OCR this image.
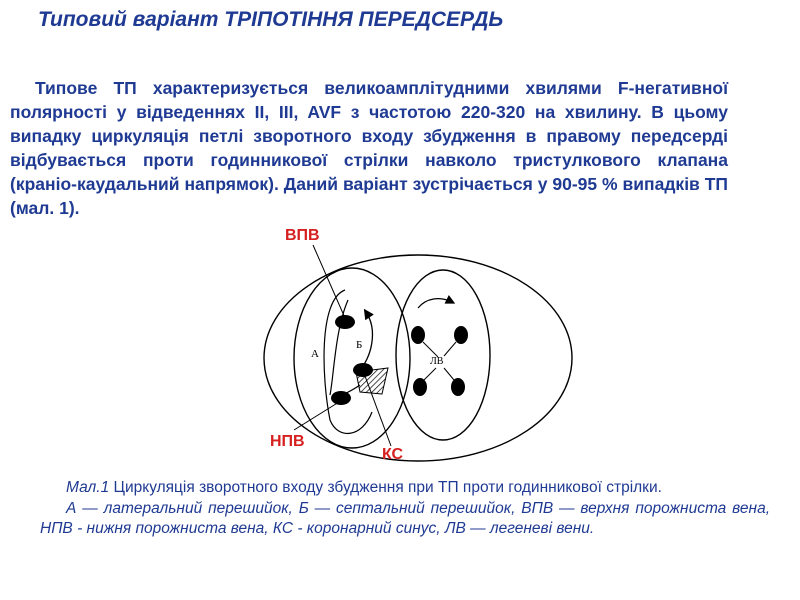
Типовий варіант ТРІПОТІННЯ ПЕРЕДСЕРДЬ
Типове ТП характеризується великоамплітудними хвилями F-негативної полярності у відведеннях II, III, AVF з частотою 220-320 на хвилину. В цьому випадку циркуляція петлі зворотного входу збудження в правому передсерді відбувається проти годинникової стрілки навколо тристулкового клапана (краніо-каудальний напрямок). Даний варіант зустрічається у 90-95 % випадків ТП (мал. 1).
А
Б
ЛВ
ВПВ
НПВ
КС

Мал.1 Циркуляція зворотного входу збудження при ТП проти годинникової стрілки.

А — латеральний перешийок, Б — септальний перешийок, ВПВ — верхня порожниста вена, НПВ - нижня порожниста вена, КС - коронарний синус, ЛВ — легеневі вени.
